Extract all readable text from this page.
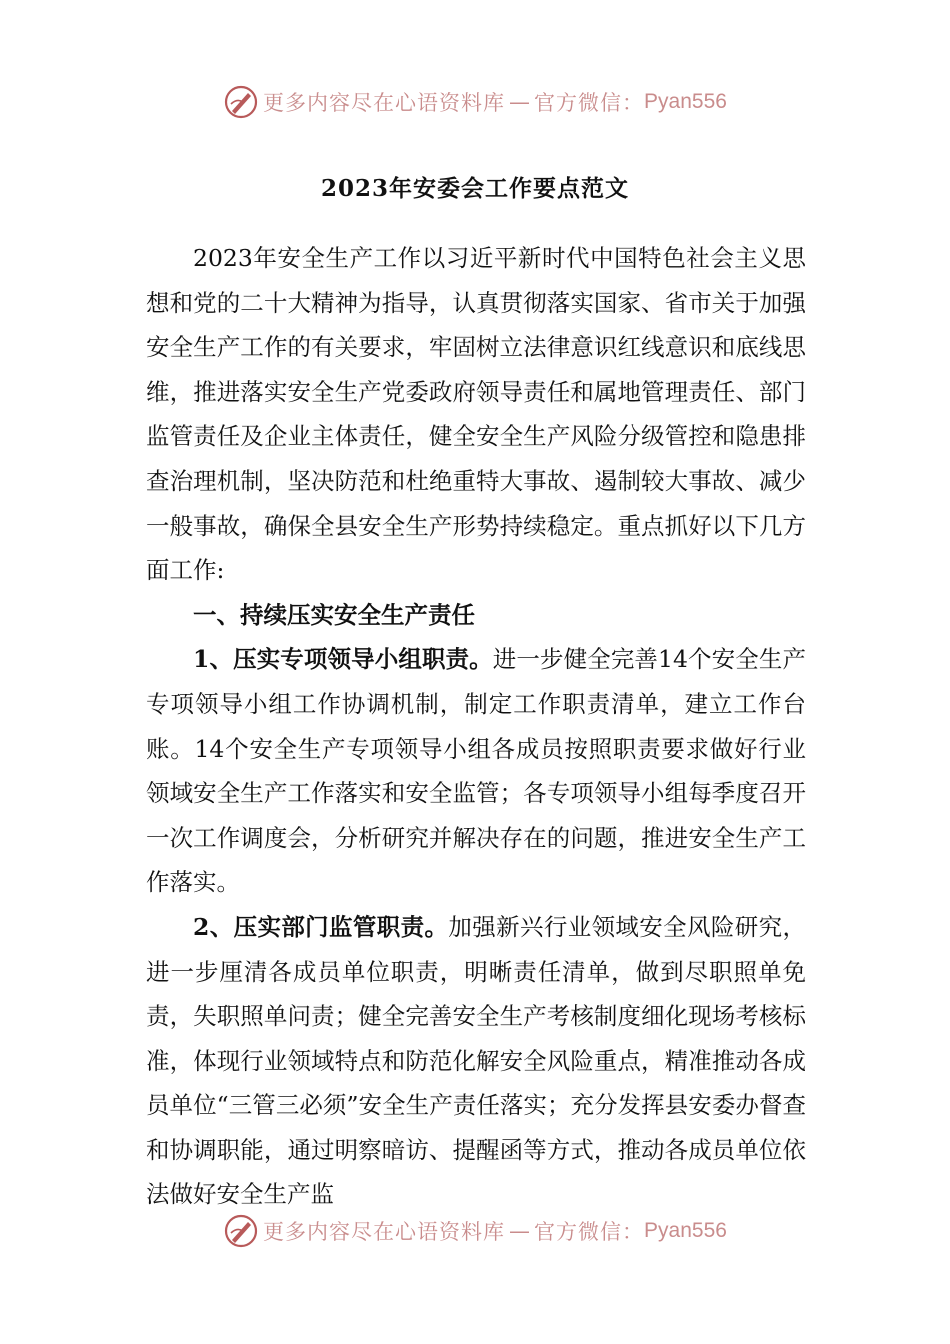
更多内容尽在心语资料库 — 官方微信： Pyan556
2023年安委会工作要点范文

2023年安全生产工作以习近平新时代中国特色社会主义思想和党的二十大精神为指导，认真贯彻落实国家、省市关于加强安全生产工作的有关要求，牢固树立法律意识红线意识和底线思维，推进落实安全生产党委政府领导责任和属地管理责任、部门监管责任及企业主体责任，健全安全生产风险分级管控和隐患排查治理机制，坚决防范和杜绝重特大事故、遏制较大事故、减少一般事故，确保全县安全生产形势持续稳定。重点抓好以下几方面工作:

一、持续压实安全生产责任

1、压实专项领导小组职责。进一步健全完善14个安全生产专项领导小组工作协调机制，制定工作职责清单，建立工作台账。14个安全生产专项领导小组各成员按照职责要求做好行业领域安全生产工作落实和安全监管；各专项领导小组每季度召开一次工作调度会，分析研究并解决存在的问题，推进安全生产工作落实。

2、压实部门监管职责。加强新兴行业领域安全风险研究，进一步厘清各成员单位职责，明晰责任清单，做到尽职照单免责，失职照单问责；健全完善安全生产考核制度细化现场考核标准，体现行业领域特点和防范化解安全风险重点，精准推动各成员单位“三管三必须”安全生产责任落实；充分发挥县安委办督查和协调职能，通过明察暗访、提醒函等方式，推动各成员单位依法做好安全生产监

更多内容尽在心语资料库 — 官方微信： Pyan556
